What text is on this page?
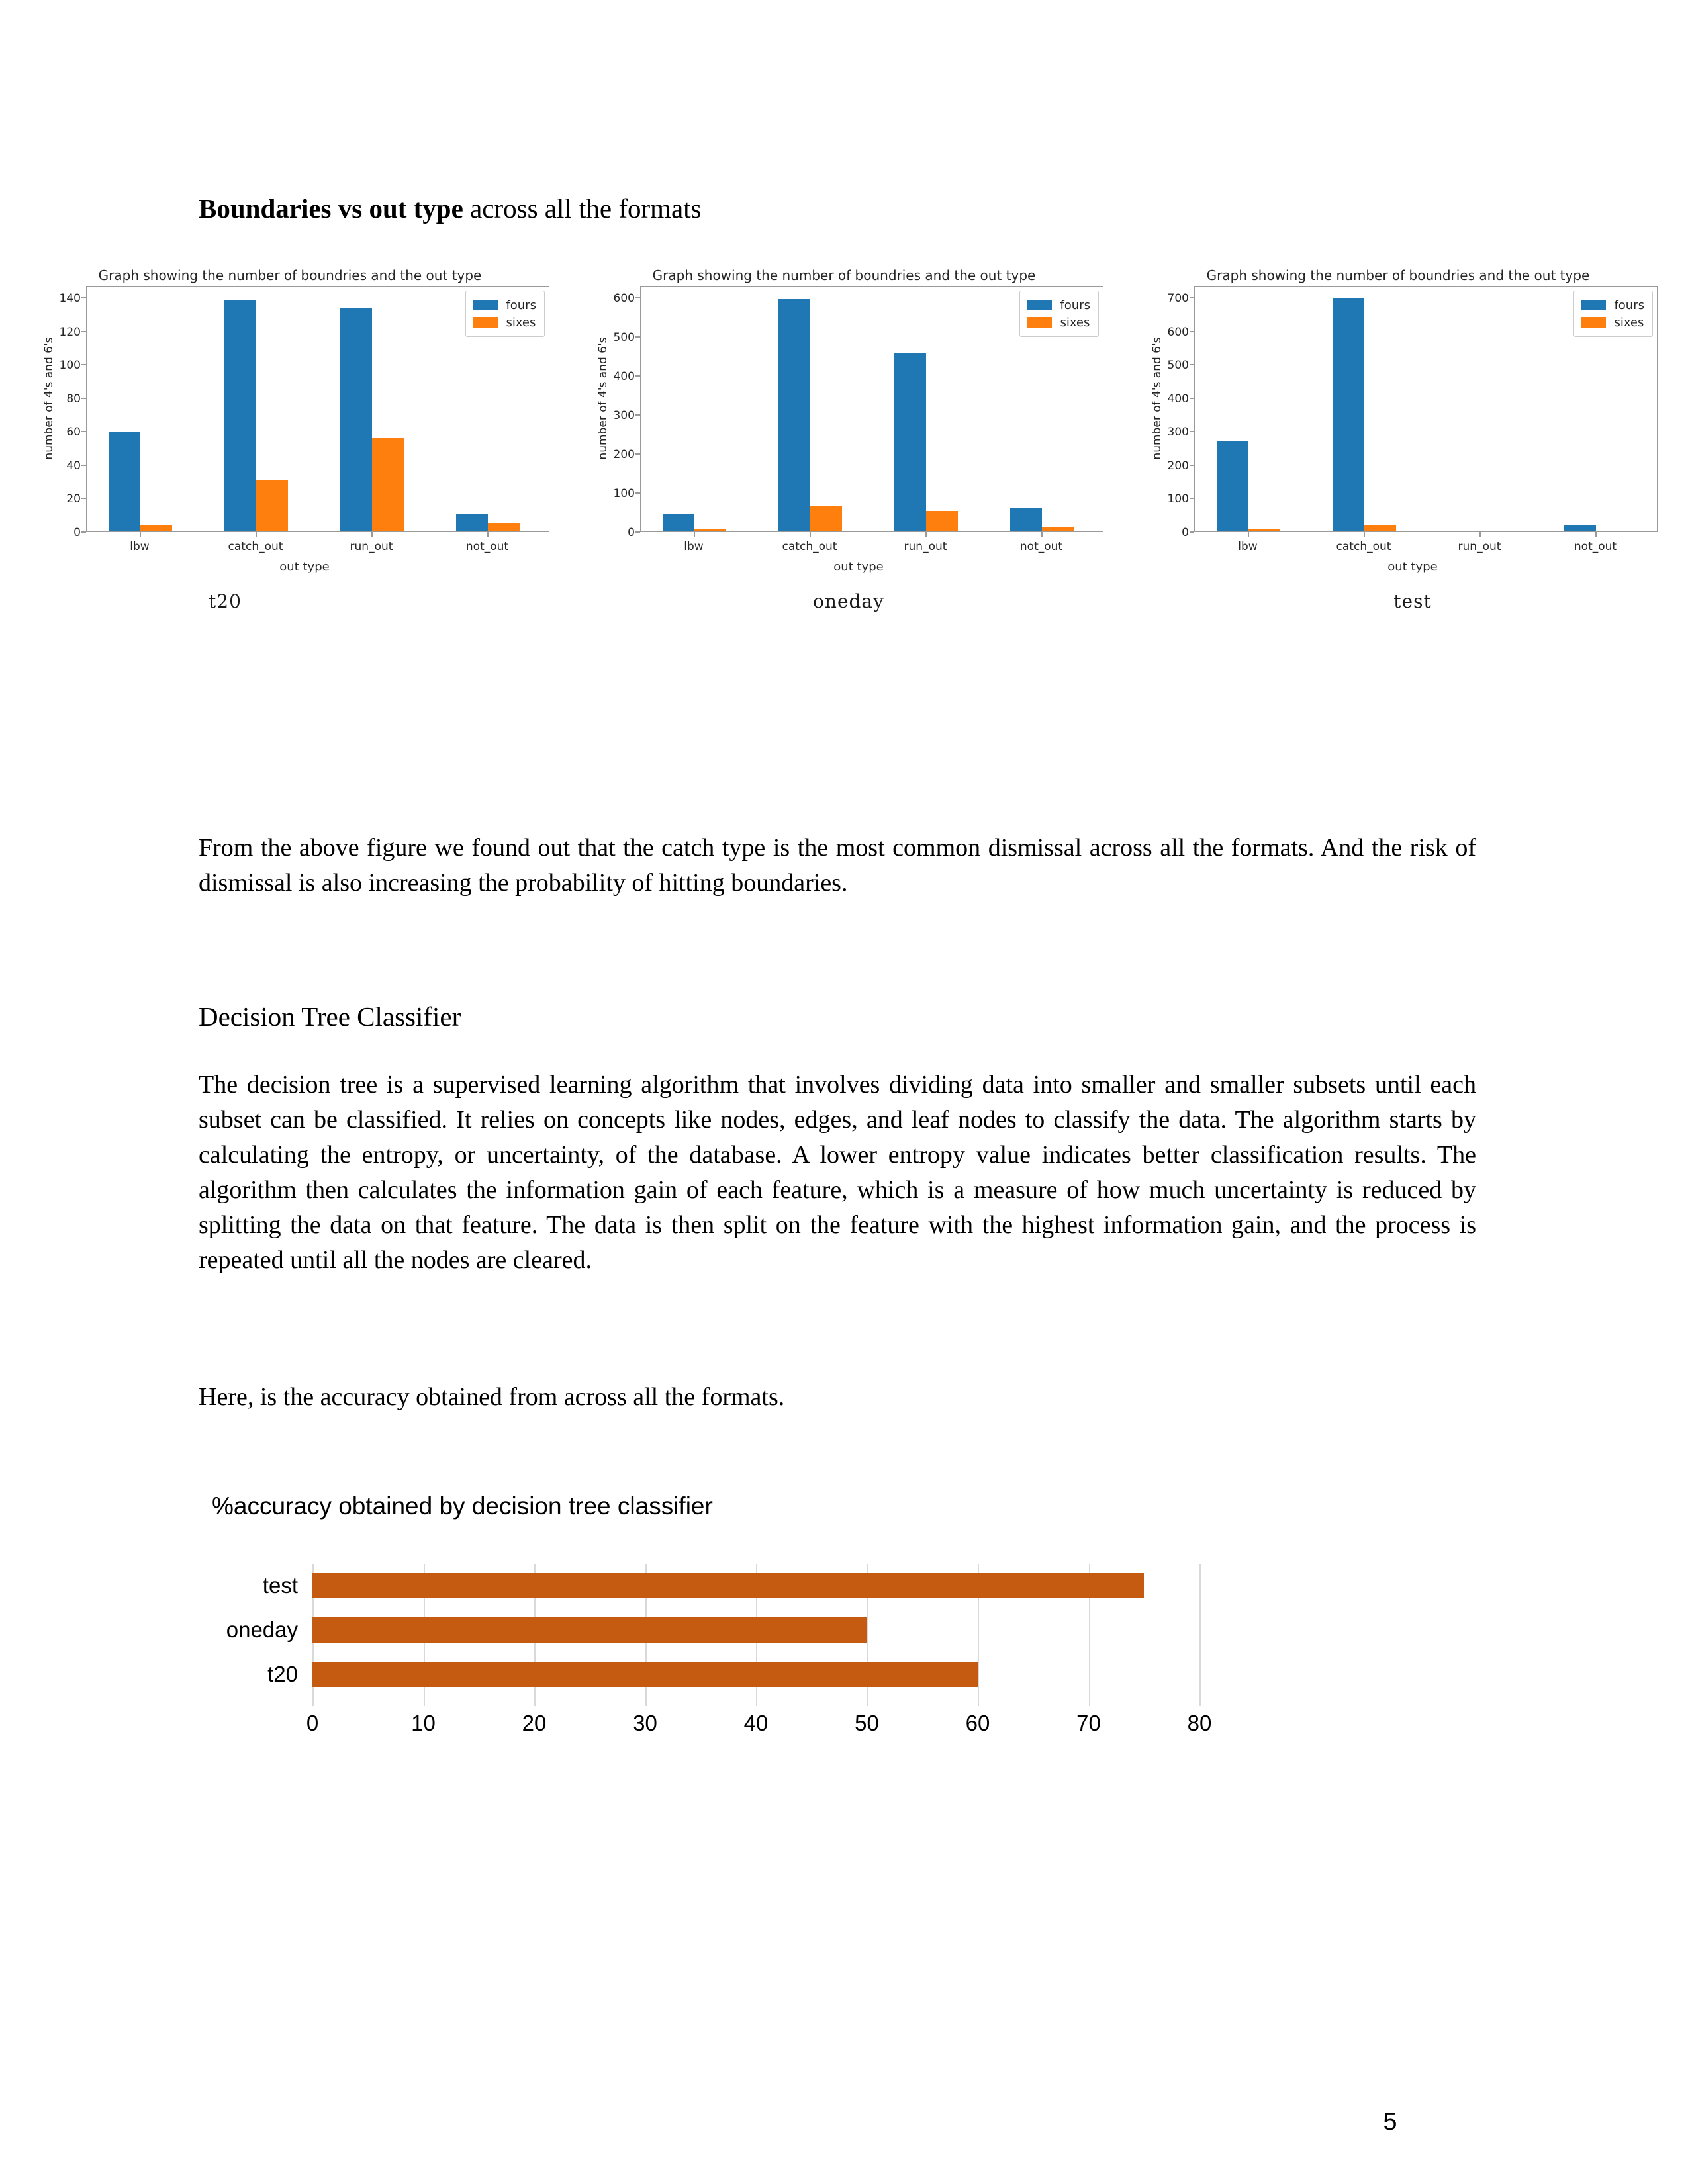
Boundaries vs out type across all the formats
Graph showing the number of boundries and the out type
fours
sixes
number of 4's and 6's
0
20
40
60
80
100
120
140
lbw	catch_out	run_out	not_out
out type
t20
Graph showing the number of boundries and the out type
fours
sixes
number of 4's and 6's
0
100
200
300
400
500
600
lbw	catch_out	run_out	not_out
out type
oneday
Graph showing the number of boundries and the out type
fours
sixes
number of 4's and 6's
0
100
200
300
400
500
600
700
lbw	catch_out	run_out	not_out
out type
test
From the above figure we found out that the catch type is the most common dismissal across all the formats. And the risk of dismissal is also increasing the probability of hitting boundaries.
Decision Tree Classifier
The decision tree is a supervised learning algorithm that involves dividing data into smaller and smaller subsets until each subset can be classified. It relies on concepts like nodes, edges, and leaf nodes to classify the data. The algorithm starts by calculating the entropy, or uncertainty, of the database. A lower entropy value indicates better classification results. The algorithm then calculates the information gain of each feature, which is a measure of how much uncertainty is reduced by splitting the data on that feature. The data is then split on the feature with the highest information gain, and the process is repeated until all the nodes are cleared.
Here, is the accuracy obtained from across all the formats.
%accuracy obtained by decision tree classifier
test
oneday
t20
0	10	20	30	40	50	60	70	80
5
